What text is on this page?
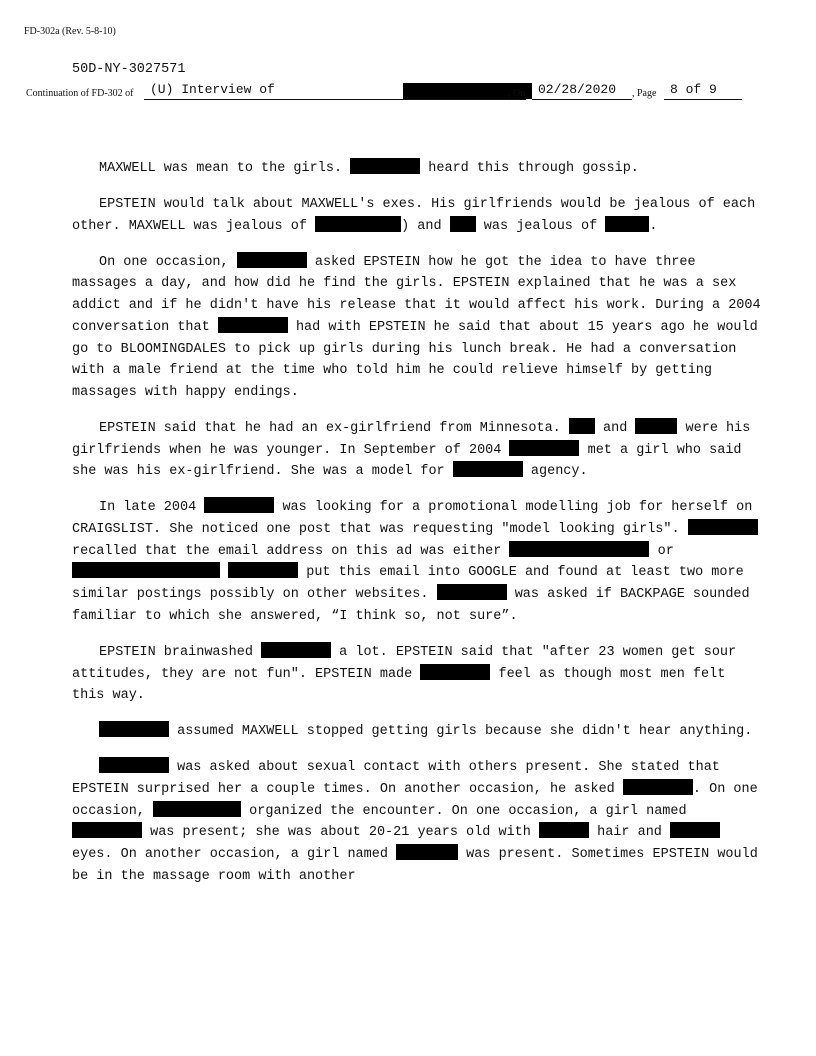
FD-302a (Rev. 5-8-10)
50D-NY-3027571
Continuation of FD-302 of (U) Interview of	, On 02/28/2020 , Page 8 of 9

MAXWELL was mean to the girls.	heard this through gossip.

EPSTEIN would talk about MAXWELL's exes. His girlfriends would be jealous of each other. MAXWELL was jealous of	) and	was jealous of	.

On one occasion,	asked EPSTEIN how he got the idea to have three massages a day, and how did he find the girls. EPSTEIN explained that he was a sex addict and if he didn't have his release that it would affect his work. During a 2004 conversation that	had with EPSTEIN he said that about 15 years ago he would go to BLOOMINGDALES to pick up girls during his lunch break. He had a conversation with a male friend at the time who told him he could relieve himself by getting massages with happy endings.

EPSTEIN said that he had an ex-girlfriend from Minnesota.	and	were his girlfriends when he was younger. In September of 2004	met a girl who said she was his ex-girlfriend. She was a model for	agency.

In late 2004	was looking for a promotional modelling job for herself on CRAIGSLIST. She noticed one post that was requesting "model looking girls".  recalled that the email address on this ad was either	or   put this email into GOOGLE and found at least two more similar postings possibly on other websites.	was asked if BACKPAGE sounded familiar to which she answered, “I think so, not sure”.

EPSTEIN brainwashed	a lot. EPSTEIN said that "after 23 women get sour attitudes, they are not fun". EPSTEIN made	feel as though most men felt this way.

assumed MAXWELL stopped getting girls because she didn't hear anything.

was asked about sexual contact with others present. She stated that EPSTEIN surprised her a couple times. On another occasion, he asked	. On one occasion,	organized the encounter. On one occasion, a girl named  was present; she was about 20-21 years old with	hair and  eyes. On another occasion, a girl named	was present. Sometimes EPSTEIN would be in the massage room with another
